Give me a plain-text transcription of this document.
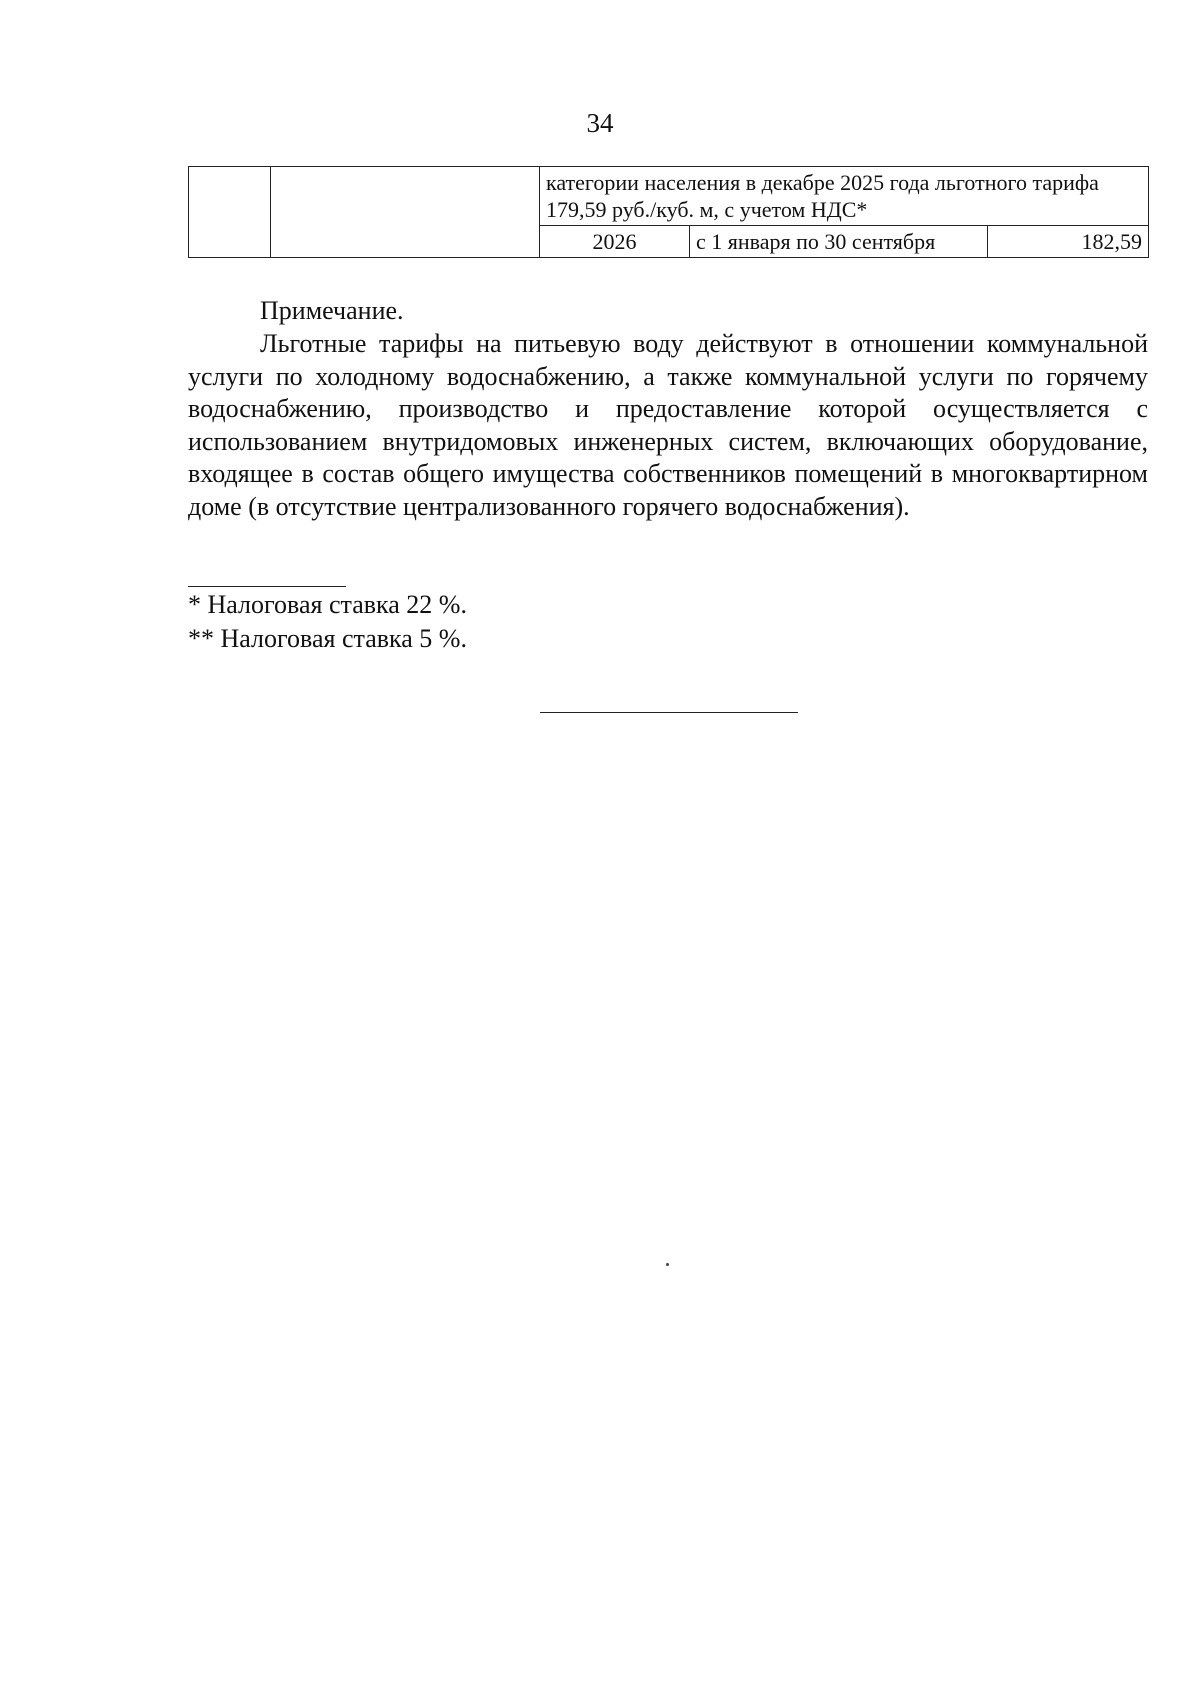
34
		категории населения в декабре 2025 года льготного тарифа 179,59 руб./куб. м, с учетом НДС*		
		2026	с 1 января по 30 сентября	182,59
Примечание.

Льготные тарифы на питьевую воду действуют в отношении коммунальной услуги по холодному водоснабжению, а также коммунальной услуги по горячему водоснабжению, производство и предоставление которой осуществляется с использованием внутридомовых инженерных систем, включающих оборудование, входящее в состав общего имущества собственников помещений в многоквартирном доме (в отсутствие централизованного горячего водоснабжения).

* Налоговая ставка 22 %.
** Налоговая ставка 5 %.
